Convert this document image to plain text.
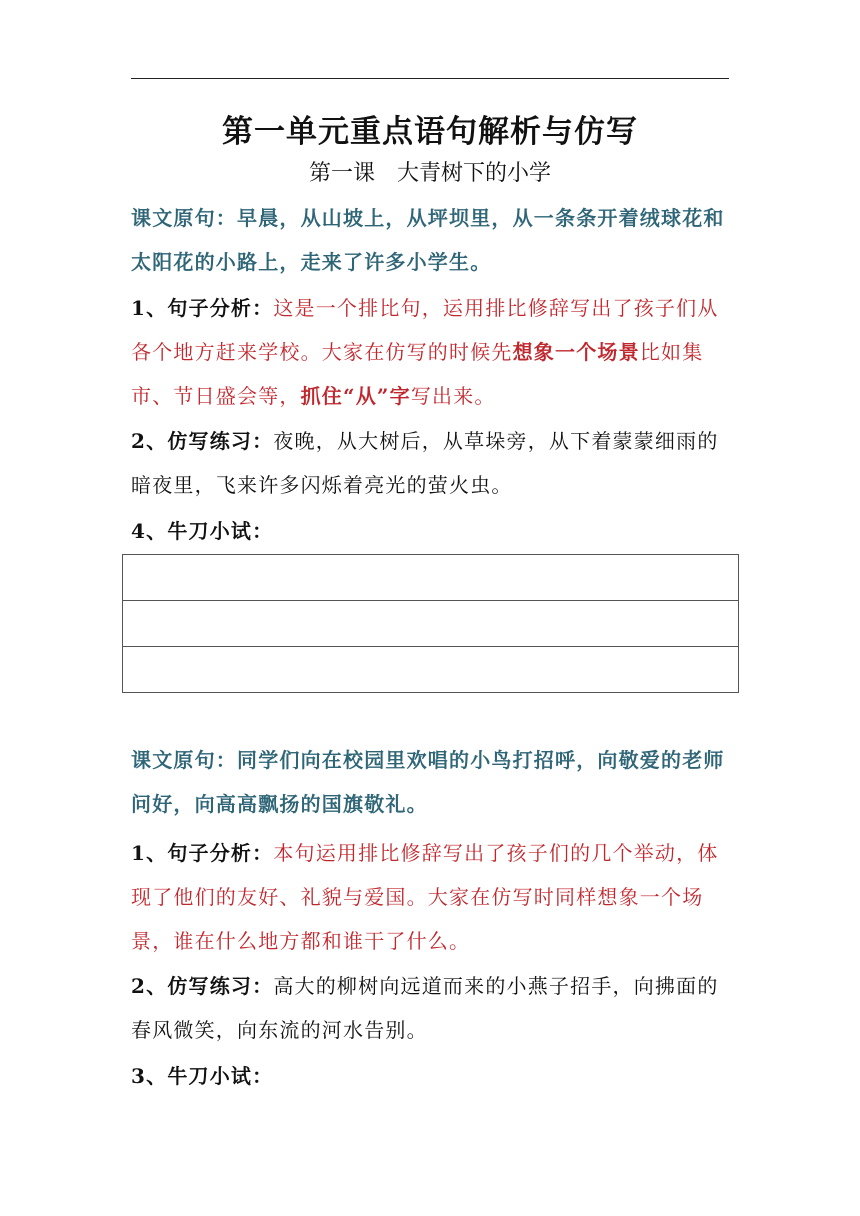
第一单元重点语句解析与仿写
第一课　大青树下的小学
课文原句：早晨，从山坡上，从坪坝里，从一条条开着绒球花和太阳花的小路上，走来了许多小学生。
1、句子分析：这是一个排比句，运用排比修辞写出了孩子们从各个地方赶来学校。大家在仿写的时候先想象一个场景比如集市、节日盛会等，抓住“从”字写出来。
2、仿写练习：夜晚，从大树后，从草垛旁，从下着蒙蒙细雨的暗夜里，飞来许多闪烁着亮光的萤火虫。
4、牛刀小试：
课文原句：同学们向在校园里欢唱的小鸟打招呼，向敬爱的老师问好，向高高飘扬的国旗敬礼。
1、句子分析：本句运用排比修辞写出了孩子们的几个举动，体现了他们的友好、礼貌与爱国。大家在仿写时同样想象一个场景，谁在什么地方都和谁干了什么。
2、仿写练习：高大的柳树向远道而来的小燕子招手，向拂面的春风微笑，向东流的河水告别。
3、牛刀小试：
